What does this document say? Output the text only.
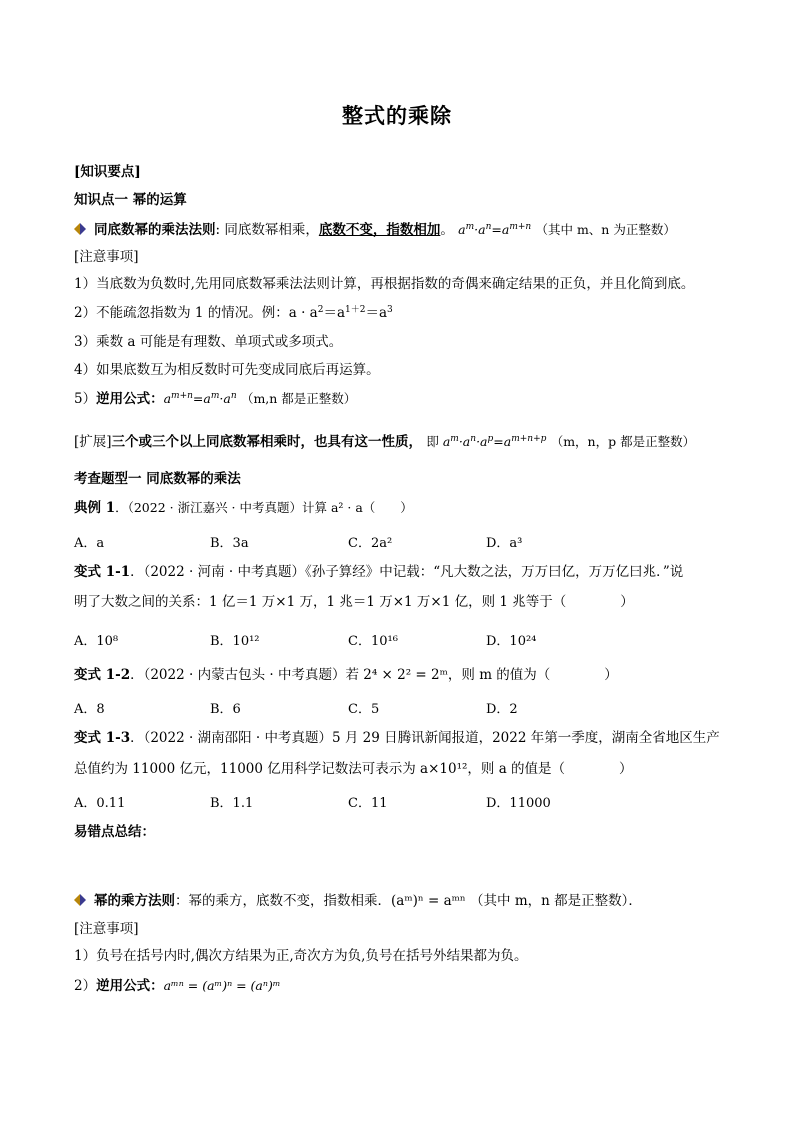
整式的乘除
[知识要点]
知识点一 幂的运算
同底数幂的乘法法则: 同底数幂相乘，底数不变，指数相加。 $a^m\cdot a^n=a^{m+n}$ （其中 m、n 为正整数）
[注意事项]
1）当底数为负数时,先用同底数幂乘法法则计算，再根据指数的奇偶来确定结果的正负，并且化简到底。
2）不能疏忽指数为 1 的情况。例：$a \cdot a^2=a^{1+2}=a^3$
3）乘数 a 可能是有理数、单项式或多项式。
4）如果底数互为相反数时可先变成同底后再运算。
5）逆用公式：$a^{m+n}=a^m\cdot a^n$ （m,n 都是正整数）
[扩展]三个或三个以上同底数幂相乘时，也具有这一性质， 即 $a^m\cdot a^n\cdot a^p=a^{m+n+p}$ （m，n，p 都是正整数）
考查题型一 同底数幂的乘法
典例 1．（2022 · 浙江嘉兴 · 中考真题）计算 a² · a（　　）
A．a	B．3a	C．2a²	D．a³
变式 1-1．（2022 · 河南 · 中考真题）《孙子算经》中记载：“凡大数之法，万万曰亿，万万亿曰兆．”说
明了大数之间的关系：1 亿＝1 万×1 万，1 兆＝1 万×1 万×1 亿，则 1 兆等于（　　　　）
A．10⁸	B．10¹²	C．10¹⁶	D．10²⁴
变式 1-2．（2022 · 内蒙古包头 · 中考真题）若 2⁴ × 2² = 2ᵐ，则 m 的值为（　　　　）
A．8	B．6	C．5	D．2
变式 1-3．（2022 · 湖南邵阳 · 中考真题）5 月 29 日腾讯新闻报道，2022 年第一季度，湖南全省地区生产
总值约为 11000 亿元，11000 亿用科学记数法可表示为 a×10¹²，则 a 的值是（　　　　）
A．0.11	B．1.1	C．11	D．11000
易错点总结：
幂的乘方法则：幂的乘方，底数不变，指数相乘．(aᵐ)ⁿ = aᵐⁿ （其中 m，n 都是正整数）．
[注意事项]
1）负号在括号内时,偶次方结果为正,奇次方为负,负号在括号外结果都为负。
2）逆用公式：aᵐⁿ = (aᵐ)ⁿ = (aⁿ)ᵐ
